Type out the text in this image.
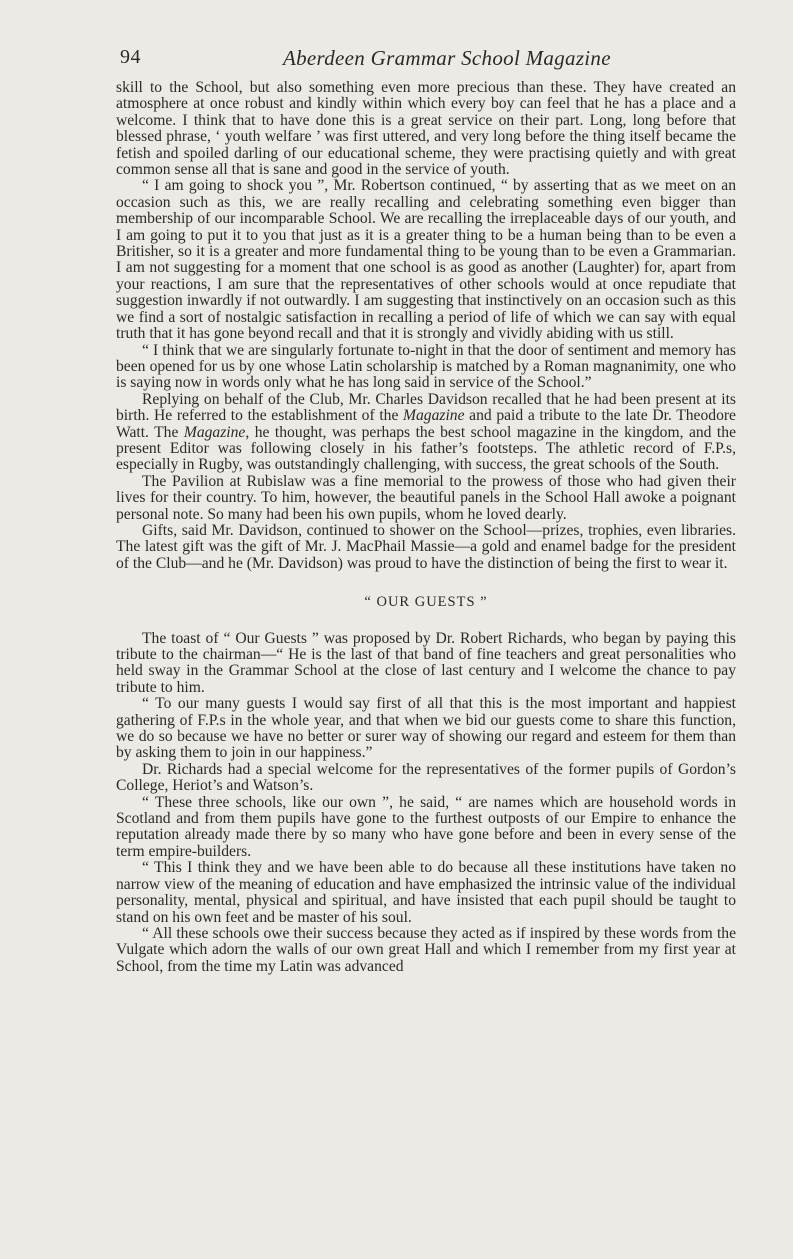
94	Aberdeen Grammar School Magazine

skill to the School, but also something even more precious than these. They have created an atmosphere at once robust and kindly within which every boy can feel that he has a place and a welcome. I think that to have done this is a great service on their part. Long, long before that blessed phrase, ‘ youth welfare ’ was first uttered, and very long before the thing itself became the fetish and spoiled darling of our educational scheme, they were practising quietly and with great common sense all that is sane and good in the service of youth.

“ I am going to shock you ”, Mr. Robertson continued, “ by asserting that as we meet on an occasion such as this, we are really recalling and celebrating something even bigger than membership of our incomparable School. We are recalling the irreplaceable days of our youth, and I am going to put it to you that just as it is a greater thing to be a human being than to be even a Britisher, so it is a greater and more fundamental thing to be young than to be even a Grammarian. I am not suggesting for a moment that one school is as good as another (Laughter) for, apart from your reactions, I am sure that the representatives of other schools would at once repudiate that suggestion inwardly if not outwardly. I am suggesting that instinctively on an occasion such as this we find a sort of nostalgic satisfaction in recalling a period of life of which we can say with equal truth that it has gone beyond recall and that it is strongly and vividly abiding with us still.

“ I think that we are singularly fortunate to-night in that the door of sentiment and memory has been opened for us by one whose Latin scholarship is matched by a Roman magnanimity, one who is saying now in words only what he has long said in service of the School.”

Replying on behalf of the Club, Mr. Charles Davidson recalled that he had been present at its birth. He referred to the establishment of the Magazine and paid a tribute to the late Dr. Theodore Watt. The Magazine, he thought, was perhaps the best school magazine in the kingdom, and the present Editor was following closely in his father’s footsteps. The athletic record of F.P.s, especially in Rugby, was outstandingly challenging, with success, the great schools of the South.

The Pavilion at Rubislaw was a fine memorial to the prowess of those who had given their lives for their country. To him, however, the beautiful panels in the School Hall awoke a poignant personal note. So many had been his own pupils, whom he loved dearly.

Gifts, said Mr. Davidson, continued to shower on the School—prizes, trophies, even libraries. The latest gift was the gift of Mr. J. MacPhail Massie—a gold and enamel badge for the president of the Club—and he (Mr. Davidson) was proud to have the distinction of being the first to wear it.

“ OUR GUESTS ”

The toast of “ Our Guests ” was proposed by Dr. Robert Richards, who began by paying this tribute to the chairman—“ He is the last of that band of fine teachers and great personalities who held sway in the Grammar School at the close of last century and I welcome the chance to pay tribute to him.

“ To our many guests I would say first of all that this is the most important and happiest gathering of F.P.s in the whole year, and that when we bid our guests come to share this function, we do so because we have no better or surer way of showing our regard and esteem for them than by asking them to join in our happiness.”

Dr. Richards had a special welcome for the representatives of the former pupils of Gordon’s College, Heriot’s and Watson’s.

“ These three schools, like our own ”, he said, “ are names which are household words in Scotland and from them pupils have gone to the furthest outposts of our Empire to enhance the reputation already made there by so many who have gone before and been in every sense of the term empire-builders.

“ This I think they and we have been able to do because all these institutions have taken no narrow view of the meaning of education and have emphasized the intrinsic value of the individual personality, mental, physical and spiritual, and have insisted that each pupil should be taught to stand on his own feet and be master of his soul.

“ All these schools owe their success because they acted as if inspired by these words from the Vulgate which adorn the walls of our own great Hall and which I remember from my first year at School, from the time my Latin was advanced
